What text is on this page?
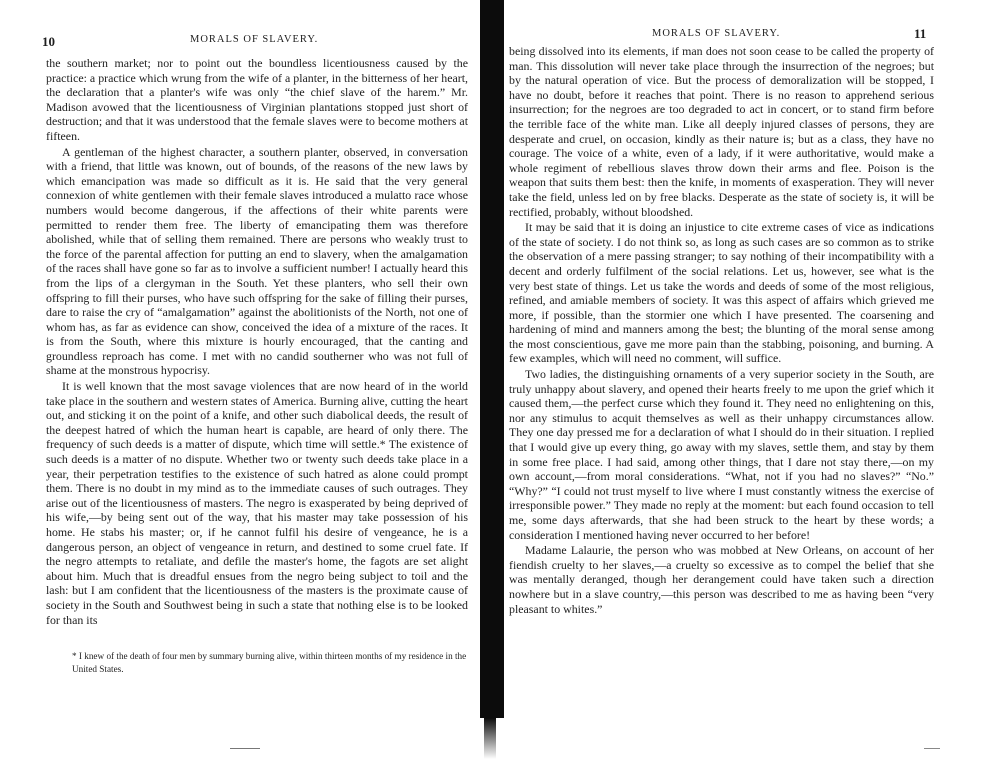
10	MORALS OF SLAVERY.

the southern market; nor to point out the boundless licentiousness caused by the practice: a practice which wrung from the wife of a planter, in the bitterness of her heart, the declaration that a planter's wife was only “the chief slave of the harem.” Mr. Madison avowed that the licentiousness of Virginian plantations stopped just short of destruction; and that it was understood that the female slaves were to become mothers at fifteen.

A gentleman of the highest character, a southern planter, observed, in conversation with a friend, that little was known, out of bounds, of the reasons of the new laws by which emancipation was made so difficult as it is. He said that the very general connexion of white gentlemen with their female slaves introduced a mulatto race whose numbers would become dangerous, if the affections of their white parents were permitted to render them free. The liberty of emancipating them was therefore abolished, while that of selling them remained. There are persons who weakly trust to the force of the parental affection for putting an end to slavery, when the amalgamation of the races shall have gone so far as to involve a sufficient number! I actually heard this from the lips of a clergyman in the South. Yet these planters, who sell their own offspring to fill their purses, who have such offspring for the sake of filling their purses, dare to raise the cry of “amalgamation” against the abolitionists of the North, not one of whom has, as far as evidence can show, conceived the idea of a mixture of the races. It is from the South, where this mixture is hourly encouraged, that the canting and groundless reproach has come. I met with no candid southerner who was not full of shame at the monstrous hypocrisy.

It is well known that the most savage violences that are now heard of in the world take place in the southern and western states of America. Burning alive, cutting the heart out, and sticking it on the point of a knife, and other such diabolical deeds, the result of the deepest hatred of which the human heart is capable, are heard of only there. The frequency of such deeds is a matter of dispute, which time will settle.* The existence of such deeds is a matter of no dispute. Whether two or twenty such deeds take place in a year, their perpetration testifies to the existence of such hatred as alone could prompt them. There is no doubt in my mind as to the immediate causes of such outrages. They arise out of the licentiousness of masters. The negro is exasperated by being deprived of his wife,—by being sent out of the way, that his master may take possession of his home. He stabs his master; or, if he cannot fulfil his desire of vengeance, he is a dangerous person, an object of vengeance in return, and destined to some cruel fate. If the negro attempts to retaliate, and defile the master's home, the fagots are set alight about him. Much that is dreadful ensues from the negro being subject to toil and the lash: but I am confident that the licentiousness of the masters is the proximate cause of society in the South and Southwest being in such a state that nothing else is to be looked for than its

* I knew of the death of four men by summary burning alive, within thirteen months of my residence in the United States.
MORALS OF SLAVERY.	11

being dissolved into its elements, if man does not soon cease to be called the property of man. This dissolution will never take place through the insurrection of the negroes; but by the natural operation of vice. But the process of demoralization will be stopped, I have no doubt, before it reaches that point. There is no reason to apprehend serious insurrection; for the negroes are too degraded to act in concert, or to stand firm before the terrible face of the white man. Like all deeply injured classes of persons, they are desperate and cruel, on occasion, kindly as their nature is; but as a class, they have no courage. The voice of a white, even of a lady, if it were authoritative, would make a whole regiment of rebellious slaves throw down their arms and flee. Poison is the weapon that suits them best: then the knife, in moments of exasperation. They will never take the field, unless led on by free blacks. Desperate as the state of society is, it will be rectified, probably, without bloodshed.

It may be said that it is doing an injustice to cite extreme cases of vice as indications of the state of society. I do not think so, as long as such cases are so common as to strike the observation of a mere passing stranger; to say nothing of their incompatibility with a decent and orderly fulfilment of the social relations. Let us, however, see what is the very best state of things. Let us take the words and deeds of some of the most religious, refined, and amiable members of society. It was this aspect of affairs which grieved me more, if possible, than the stormier one which I have presented. The coarsening and hardening of mind and manners among the best; the blunting of the moral sense among the most conscientious, gave me more pain than the stabbing, poisoning, and burning. A few examples, which will need no comment, will suffice.

Two ladies, the distinguishing ornaments of a very superior society in the South, are truly unhappy about slavery, and opened their hearts freely to me upon the grief which it caused them,—the perfect curse which they found it. They need no enlightening on this, nor any stimulus to acquit themselves as well as their unhappy circumstances allow. They one day pressed me for a declaration of what I should do in their situation. I replied that I would give up every thing, go away with my slaves, settle them, and stay by them in some free place. I had said, among other things, that I dare not stay there,—on my own account,—from moral considerations. “What, not if you had no slaves?” “No.” “Why?” “I could not trust myself to live where I must constantly witness the exercise of irresponsible power.” They made no reply at the moment: but each found occasion to tell me, some days afterwards, that she had been struck to the heart by these words; a consideration I mentioned having never occurred to her before!

Madame Lalaurie, the person who was mobbed at New Orleans, on account of her fiendish cruelty to her slaves,—a cruelty so excessive as to compel the belief that she was mentally deranged, though her derangement could have taken such a direction nowhere but in a slave country,—this person was described to me as having been “very pleasant to whites.”
